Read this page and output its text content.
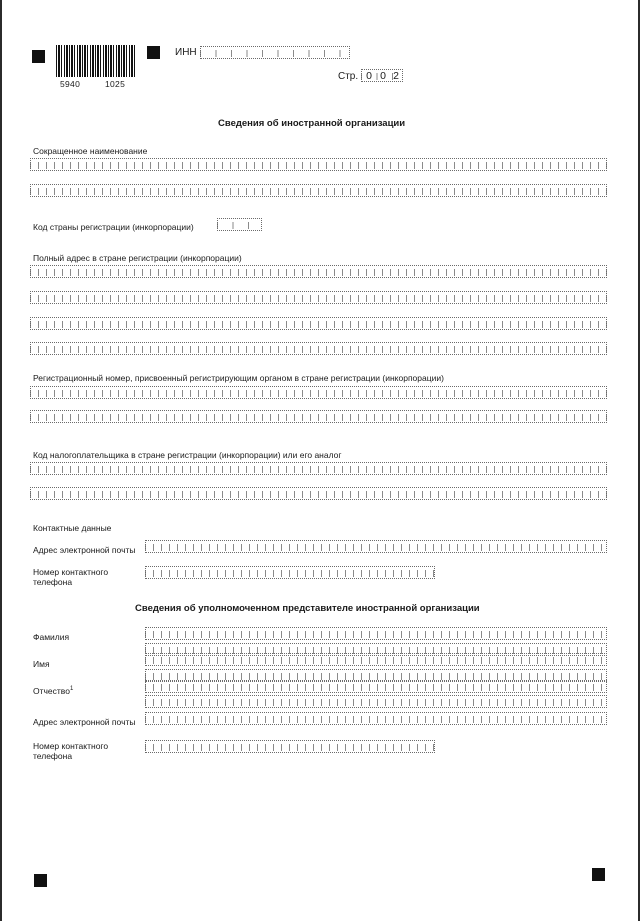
5940	1025
ИНН
Стр. 0 0 2
Сведения об иностранной организации
Сокращенное наименование
Код страны регистрации (инкорпорации)
Полный адрес в стране регистрации (инкорпорации)
Регистрационный номер, присвоенный регистрирующим органом в стране регистрации (инкорпорации)
Код налогоплательщика в стране регистрации (инкорпорации) или его аналог
Контактные данные
Адрес электронной почты
Номер контактного телефона
Сведения об уполномоченном представителе иностранной организации
Фамилия
Имя
Отчество$^1$
Адрес электронной почты
Номер контактного телефона
